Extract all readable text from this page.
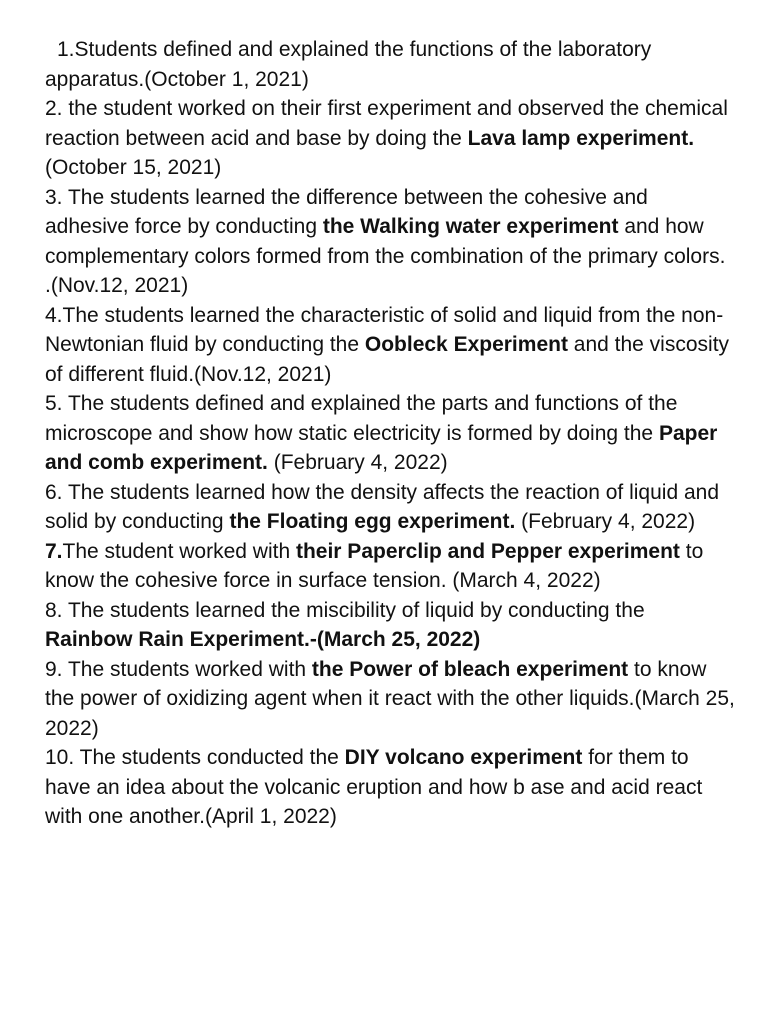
1.Students defined and explained the functions of the laboratory apparatus.(October 1, 2021)

2. the student worked on their first experiment and observed the chemical reaction between acid and base by doing the Lava lamp experiment. (October 15, 2021)

3. The students learned the difference between the cohesive and adhesive force by conducting the Walking water experiment and how complementary colors formed from the combination of the primary colors. .(Nov.12, 2021)

4.The students learned the characteristic of solid and liquid from the non-Newtonian fluid by conducting the Oobleck Experiment and the viscosity of different fluid.(Nov.12, 2021)

5. The students defined and explained the parts and functions of the microscope and show how static electricity is formed by doing the Paper and comb experiment. (February 4, 2022)

6. The students learned how the density affects the reaction of liquid and solid by conducting the Floating egg experiment. (February 4, 2022)

7.The student worked with their Paperclip and Pepper experiment to know the cohesive force in surface tension. (March 4, 2022)

8. The students learned the miscibility of liquid by conducting the Rainbow Rain Experiment.-(March 25, 2022)

9. The students worked with the Power of bleach experiment to know the power of oxidizing agent when it react with the other liquids.(March 25, 2022)

10. The students conducted the DIY volcano experiment for them to have an idea about the volcanic eruption and how b ase and acid react with one another.(April 1, 2022)
